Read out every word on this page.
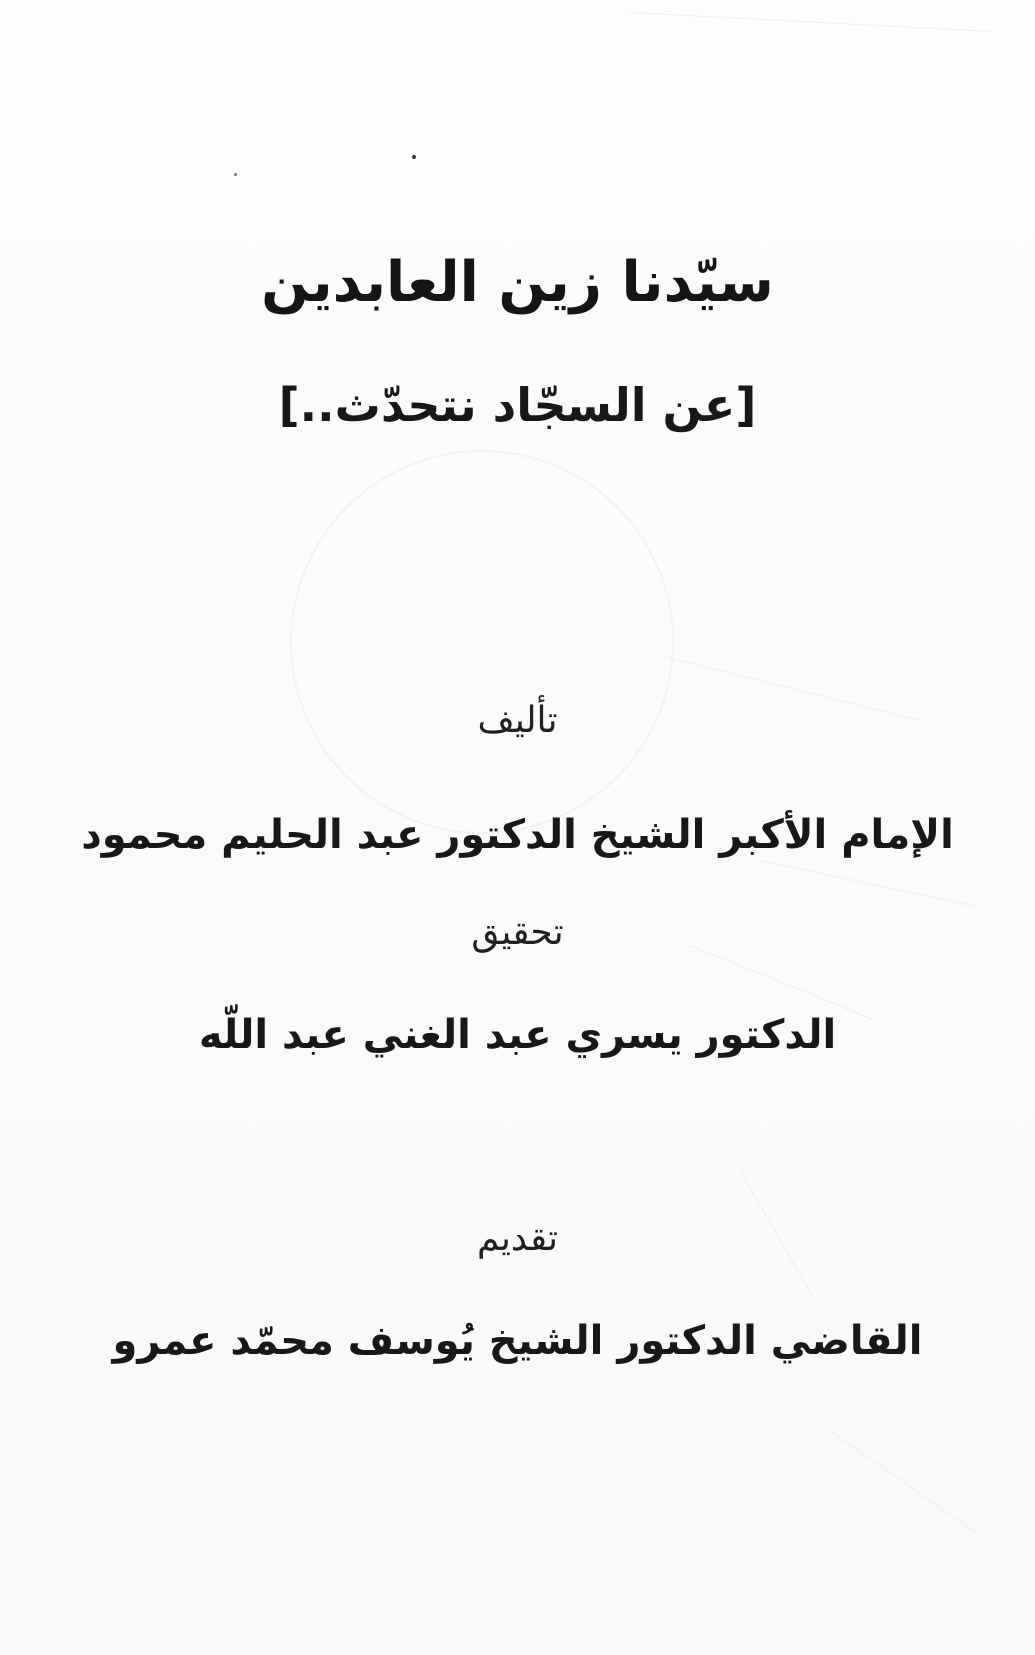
سيّدنا زين العابدين
[عن السجّاد نتحدّث..]

تأليف

الإمام الأكبر الشيخ الدكتور عبد الحليم محمود

تحقيق

الدكتور يسري عبد الغني عبد اللّه

تقديم

القاضي الدكتور الشيخ يُوسف محمّد عمرو
